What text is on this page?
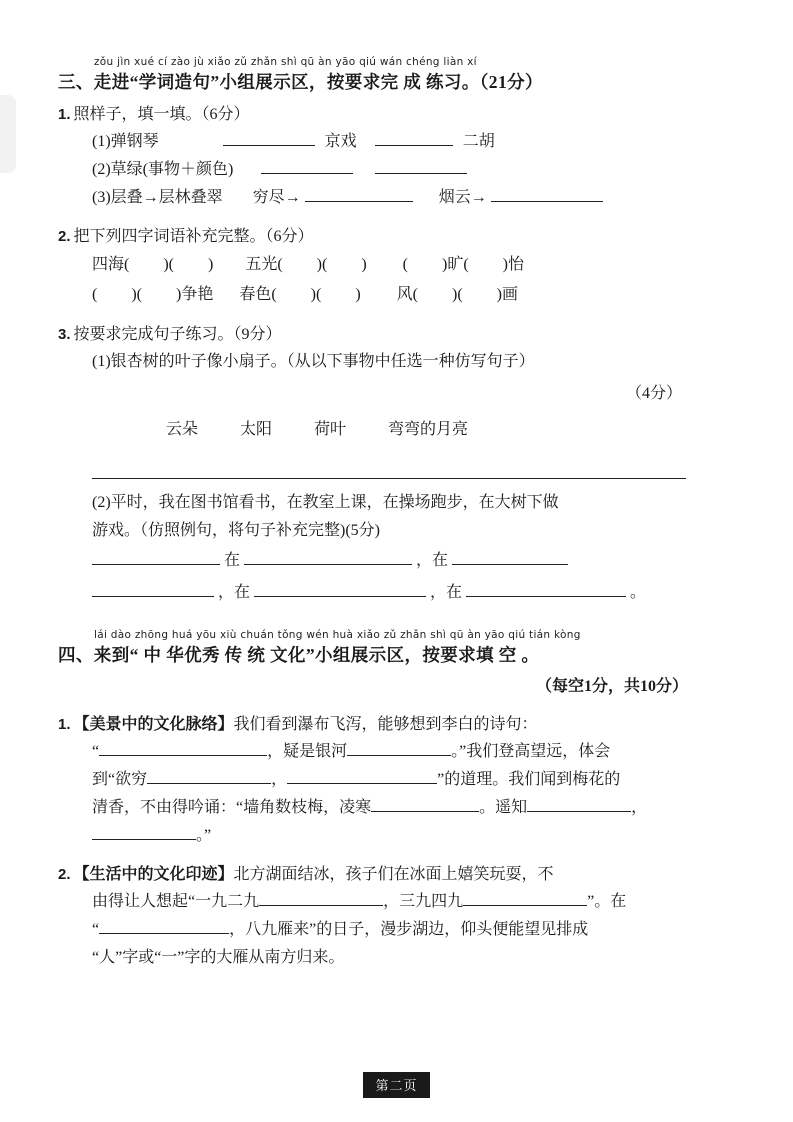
zǒu jìn xué cí zào jù xiǎo zǔ zhǎn shì qū àn yāo qiú wán chéng liàn xí
三、走进“学词造句”小组展示区，按要求完 成 练习。（21分）
1. 照样子，填一填。（6分）
(1)弹钢琴	京戏	二胡
(2)草绿(事物＋颜色)
(3)层叠→层林叠翠 穷尽→	烟云→
2. 把下列四字词语补充完整。（6分）
四海( )( ) 五光( )( ) ( )旷( )怡
( )( )争艳 春色( )( ) 风( )( )画
3. 按要求完成句子练习。（9分）
(1)银杏树的叶子像小扇子。（从以下事物中任选一种仿写句子）
（4分）
云朵	太阳	荷叶	弯弯的月亮
(2)平时，我在图书馆看书，在教室上课，在操场跑步，在大树下做
游戏。（仿照例句，将句子补充完整)(5分)
在	，在
，在	，在	。
lái dào zhōng huá yōu xiù chuán tǒng wén huà xiǎo zǔ zhǎn shì qū àn yāo qiú tián kòng
四、来到“ 中 华优秀 传 统 文化”小组展示区，按要求填 空 。
（每空1分，共10分）
1. 【美景中的文化脉络】我们看到瀑布飞泻，能够想到李白的诗句：
“	，疑是银河	。”我们登高望远，体会
到“欲穷	，	”的道理。我们闻到梅花的
清香，不由得吟诵：“墙角数枝梅，凌寒	。遥知	，
。”
2. 【生活中的文化印迹】北方湖面结冰，孩子们在冰面上嬉笑玩耍，不
由得让人想起“一九二九	，三九四九	”。在
“	，八九雁来”的日子，漫步湖边，仰头便能望见排成
“人”字或“一”字的大雁从南方归来。
第二页
